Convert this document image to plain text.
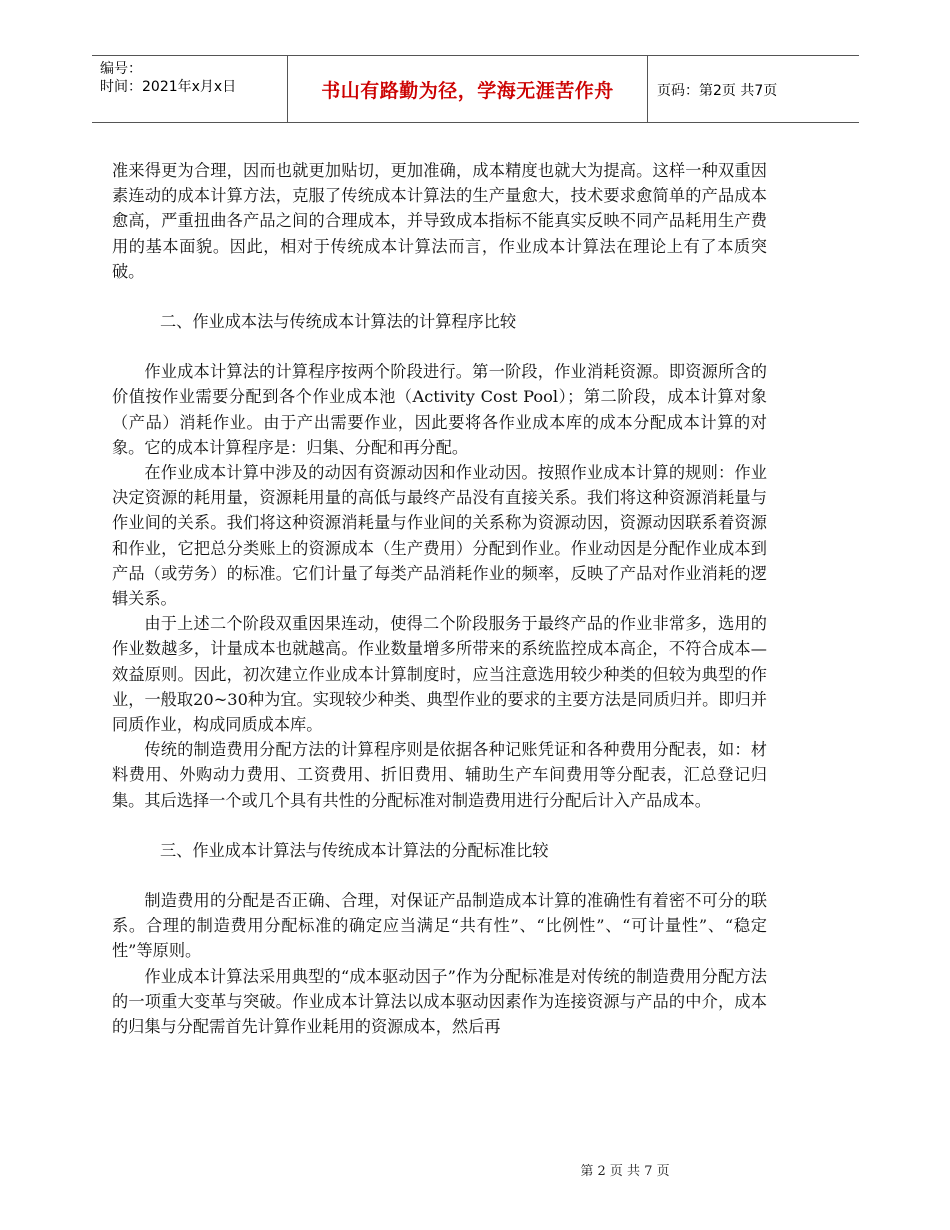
编号：
时间：2021年x月x日	书山有路勤为径，学海无涯苦作舟	页码：第2页 共7页

准来得更为合理，因而也就更加贴切，更加准确，成本精度也就大为提高。这样一种双重因素连动的成本计算方法，克服了传统成本计算法的生产量愈大，技术要求愈简单的产品成本愈高，严重扭曲各产品之间的合理成本，并导致成本指标不能真实反映不同产品耗用生产费用的基本面貌。因此，相对于传统成本计算法而言，作业成本计算法在理论上有了本质突破。

二、作业成本法与传统成本计算法的计算程序比较

作业成本计算法的计算程序按两个阶段进行。第一阶段，作业消耗资源。即资源所含的价值按作业需要分配到各个作业成本池（Activity Cost Pool）；第二阶段，成本计算对象（产品）消耗作业。由于产出需要作业，因此要将各作业成本库的成本分配成本计算的对象。它的成本计算程序是：归集、分配和再分配。

在作业成本计算中涉及的动因有资源动因和作业动因。按照作业成本计算的规则：作业决定资源的耗用量，资源耗用量的高低与最终产品没有直接关系。我们将这种资源消耗量与作业间的关系。我们将这种资源消耗量与作业间的关系称为资源动因，资源动因联系着资源和作业，它把总分类账上的资源成本（生产费用）分配到作业。作业动因是分配作业成本到产品（或劳务）的标准。它们计量了每类产品消耗作业的频率，反映了产品对作业消耗的逻辑关系。

由于上述二个阶段双重因果连动，使得二个阶段服务于最终产品的作业非常多，选用的作业数越多，计量成本也就越高。作业数量增多所带来的系统监控成本高企，不符合成本—效益原则。因此，初次建立作业成本计算制度时，应当注意选用较少种类的但较为典型的作业，一般取20~30种为宜。实现较少种类、典型作业的要求的主要方法是同质归并。即归并同质作业，构成同质成本库。

传统的制造费用分配方法的计算程序则是依据各种记账凭证和各种费用分配表，如：材料费用、外购动力费用、工资费用、折旧费用、辅助生产车间费用等分配表，汇总登记归集。其后选择一个或几个具有共性的分配标准对制造费用进行分配后计入产品成本。

三、作业成本计算法与传统成本计算法的分配标准比较

制造费用的分配是否正确、合理，对保证产品制造成本计算的准确性有着密不可分的联系。合理的制造费用分配标准的确定应当满足“共有性”、“比例性”、“可计量性”、“稳定性”等原则。

作业成本计算法采用典型的“成本驱动因子”作为分配标准是对传统的制造费用分配方法的一项重大变革与突破。作业成本计算法以成本驱动因素作为连接资源与产品的中介，成本的归集与分配需首先计算作业耗用的资源成本，然后再

第 2 页 共 7 页
